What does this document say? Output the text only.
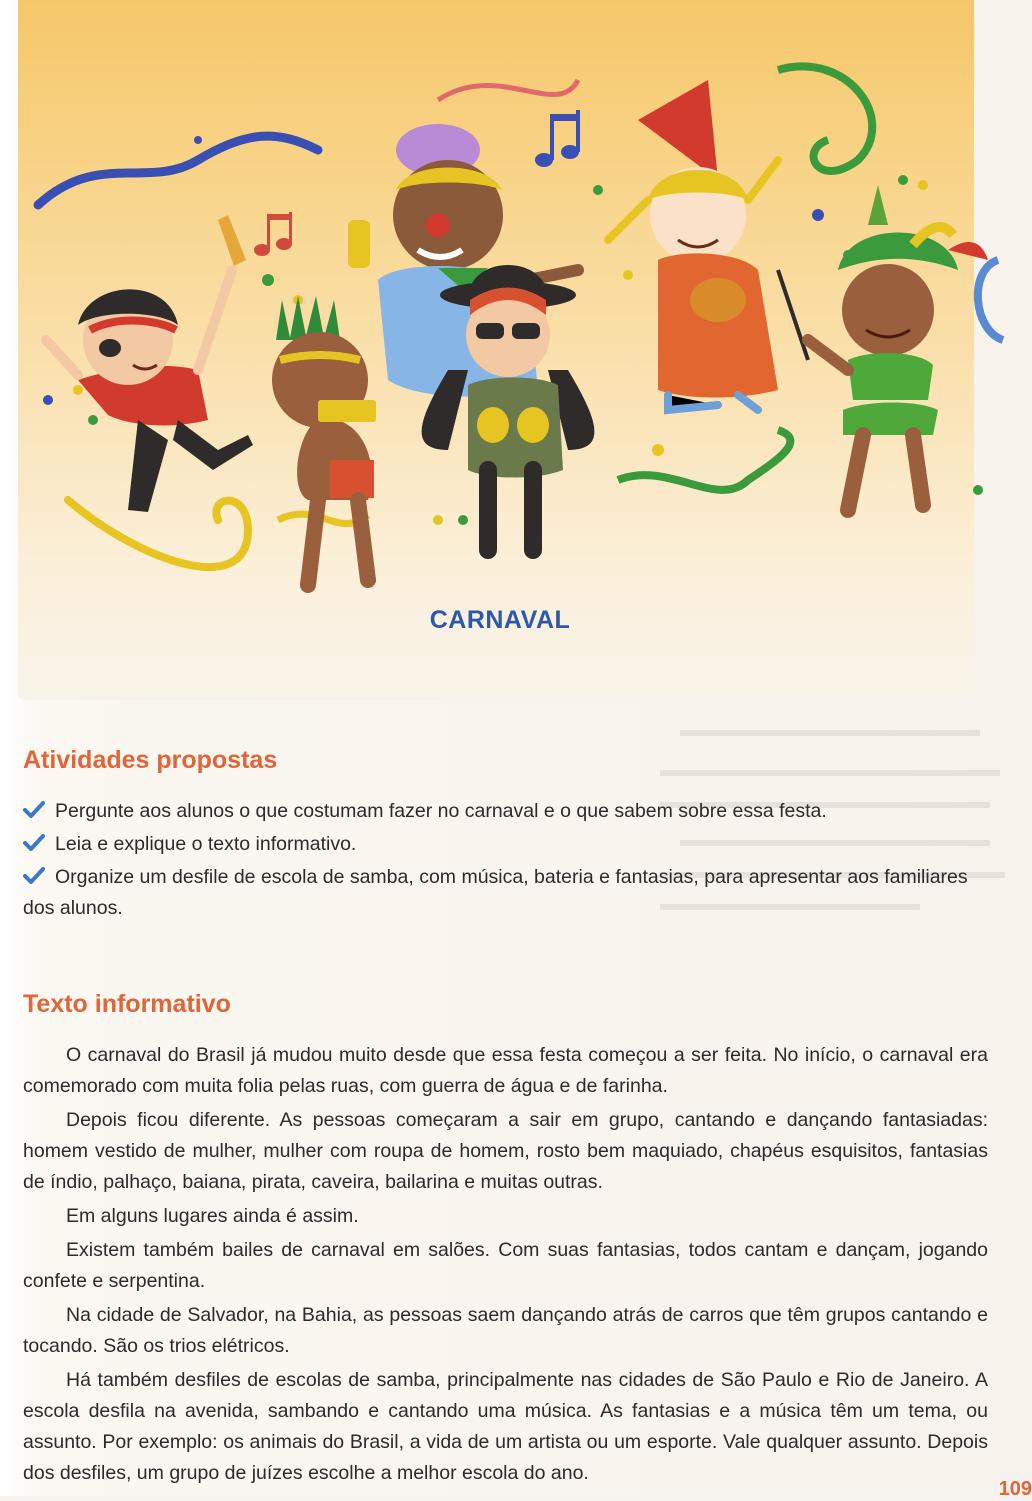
CARNAVAL
Atividades propostas
Pergunte aos alunos o que costumam fazer no carnaval e o que sabem sobre essa festa.
Leia e explique o texto informativo.
Organize um desfile de escola de samba, com música, bateria e fantasias, para apresentar aos familiares dos alunos.
Texto informativo

O carnaval do Brasil já mudou muito desde que essa festa começou a ser feita. No início, o carnaval era comemorado com muita folia pelas ruas, com guerra de água e de farinha.

Depois ficou diferente. As pessoas começaram a sair em grupo, cantando e dançando fantasiadas: homem vestido de mulher, mulher com roupa de homem, rosto bem maquiado, chapéus esquisitos, fantasias de índio, palhaço, baiana, pirata, caveira, bailarina e muitas outras.

Em alguns lugares ainda é assim.

Existem também bailes de carnaval em salões. Com suas fantasias, todos cantam e dançam, jogando confete e serpentina.

Na cidade de Salvador, na Bahia, as pessoas saem dançando atrás de carros que têm grupos cantando e tocando. São os trios elétricos.

Há também desfiles de escolas de samba, principalmente nas cidades de São Paulo e Rio de Janeiro. A escola desfila na avenida, sambando e cantando uma música. As fantasias e a música têm um tema, ou assunto. Por exemplo: os animais do Brasil, a vida de um artista ou um esporte. Vale qualquer assunto. Depois dos desfiles, um grupo de juízes escolhe a melhor escola do ano.

109
